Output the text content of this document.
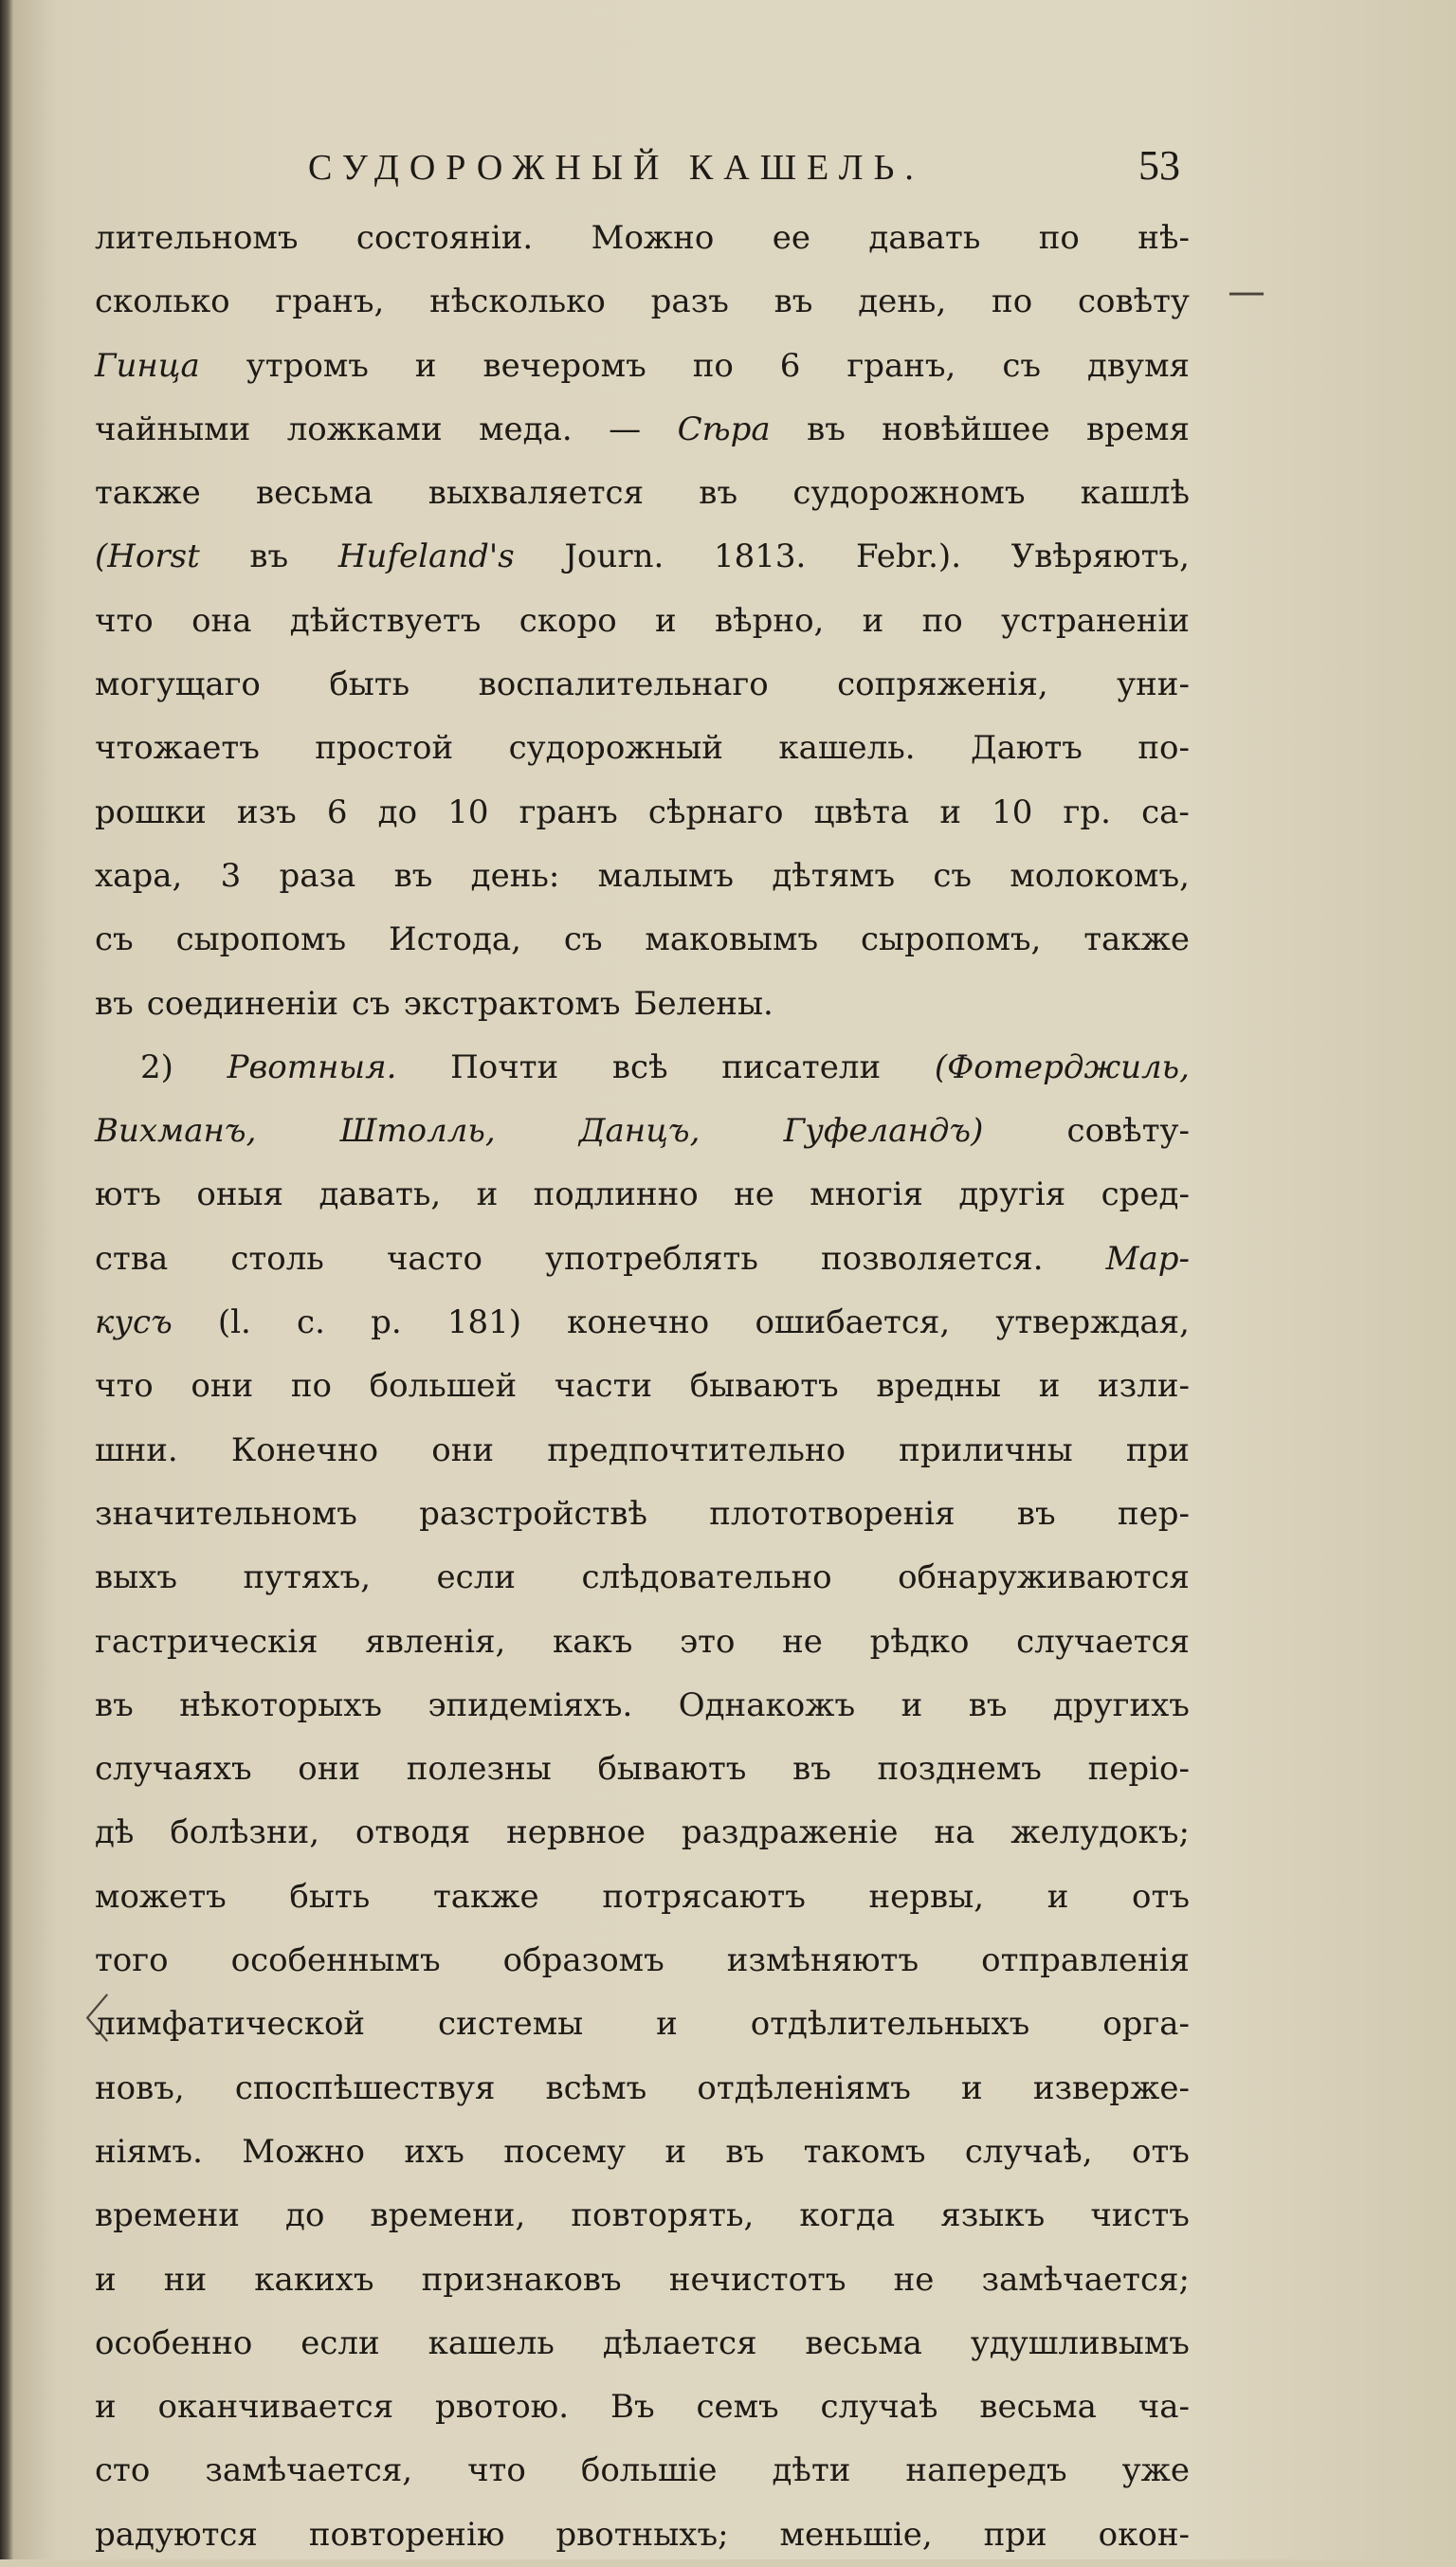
СУДОРОЖНЫЙ КАШЕЛЬ.	53
—
〈
лительномъ состоянiи. Можно ее давать по нѣ-
сколько гранъ, нѣсколько разъ въ день, по совѣту
Гинца утромъ и вечеромъ по 6 гранъ, съ двумя
чайными ложками меда. — Сѣра въ новѣйшее время
также весьма выхваляется въ судорожномъ кашлѣ
(Horst въ Hufeland's Journ. 1813. Febr.). Увѣряютъ,
что она дѣйствуетъ скоро и вѣрно, и по устраненiи
могущаго быть воспалительнаго сопряженiя, уни-
чтожаетъ простой судорожный кашель. Даютъ по-
рошки изъ 6 до 10 гранъ сѣрнаго цвѣта и 10 гр. са-
хара, 3 раза въ день: малымъ дѣтямъ съ молокомъ,
съ сыропомъ Истода, съ маковымъ сыропомъ, также
въ соединенiи съ экстрактомъ Белены.
2) Рвотныя. Почти всѣ писатели (Фотерджиль,
Вихманъ,	Штолль,	Данцъ,	Гуфеландъ)	совѣту-
ютъ оныя давать, и подлинно не многiя другiя сред-
ства столь часто употреблять позволяется. Мар-
кусъ (l. c. p. 181) конечно ошибается, утверждая,
что они по большей части бываютъ вредны и изли-
шни. Конечно они предпочтительно приличны при
значительномъ разстройствѣ плототворенiя въ пер-
выхъ путяхъ, если слѣдовательно обнаруживаются
гастрическiя явленiя, какъ это не рѣдко случается
въ нѣкоторыхъ эпидемiяхъ. Однакожъ и въ другихъ
случаяхъ они полезны бываютъ въ позднемъ перiо-
дѣ болѣзни, отводя нервное раздраженiе на желудокъ;
можетъ быть также потрясаютъ нервы, и отъ
того особеннымъ образомъ измѣняютъ отправленiя
лимфатической системы и отдѣлительныхъ орга-
новъ, споспѣшествуя всѣмъ отдѣленiямъ и изверже-
нiямъ. Можно ихъ посему и въ такомъ случаѣ, отъ
времени до времени, повторять, когда языкъ чистъ
и ни какихъ признаковъ нечистотъ не замѣчается;
особенно если кашель дѣлается весьма удушливымъ
и оканчивается рвотою. Въ семъ случаѣ весьма ча-
сто замѣчается, что большiе дѣти напередъ уже
радуются повторенiю рвотныхъ; меньшiе, при окон-
